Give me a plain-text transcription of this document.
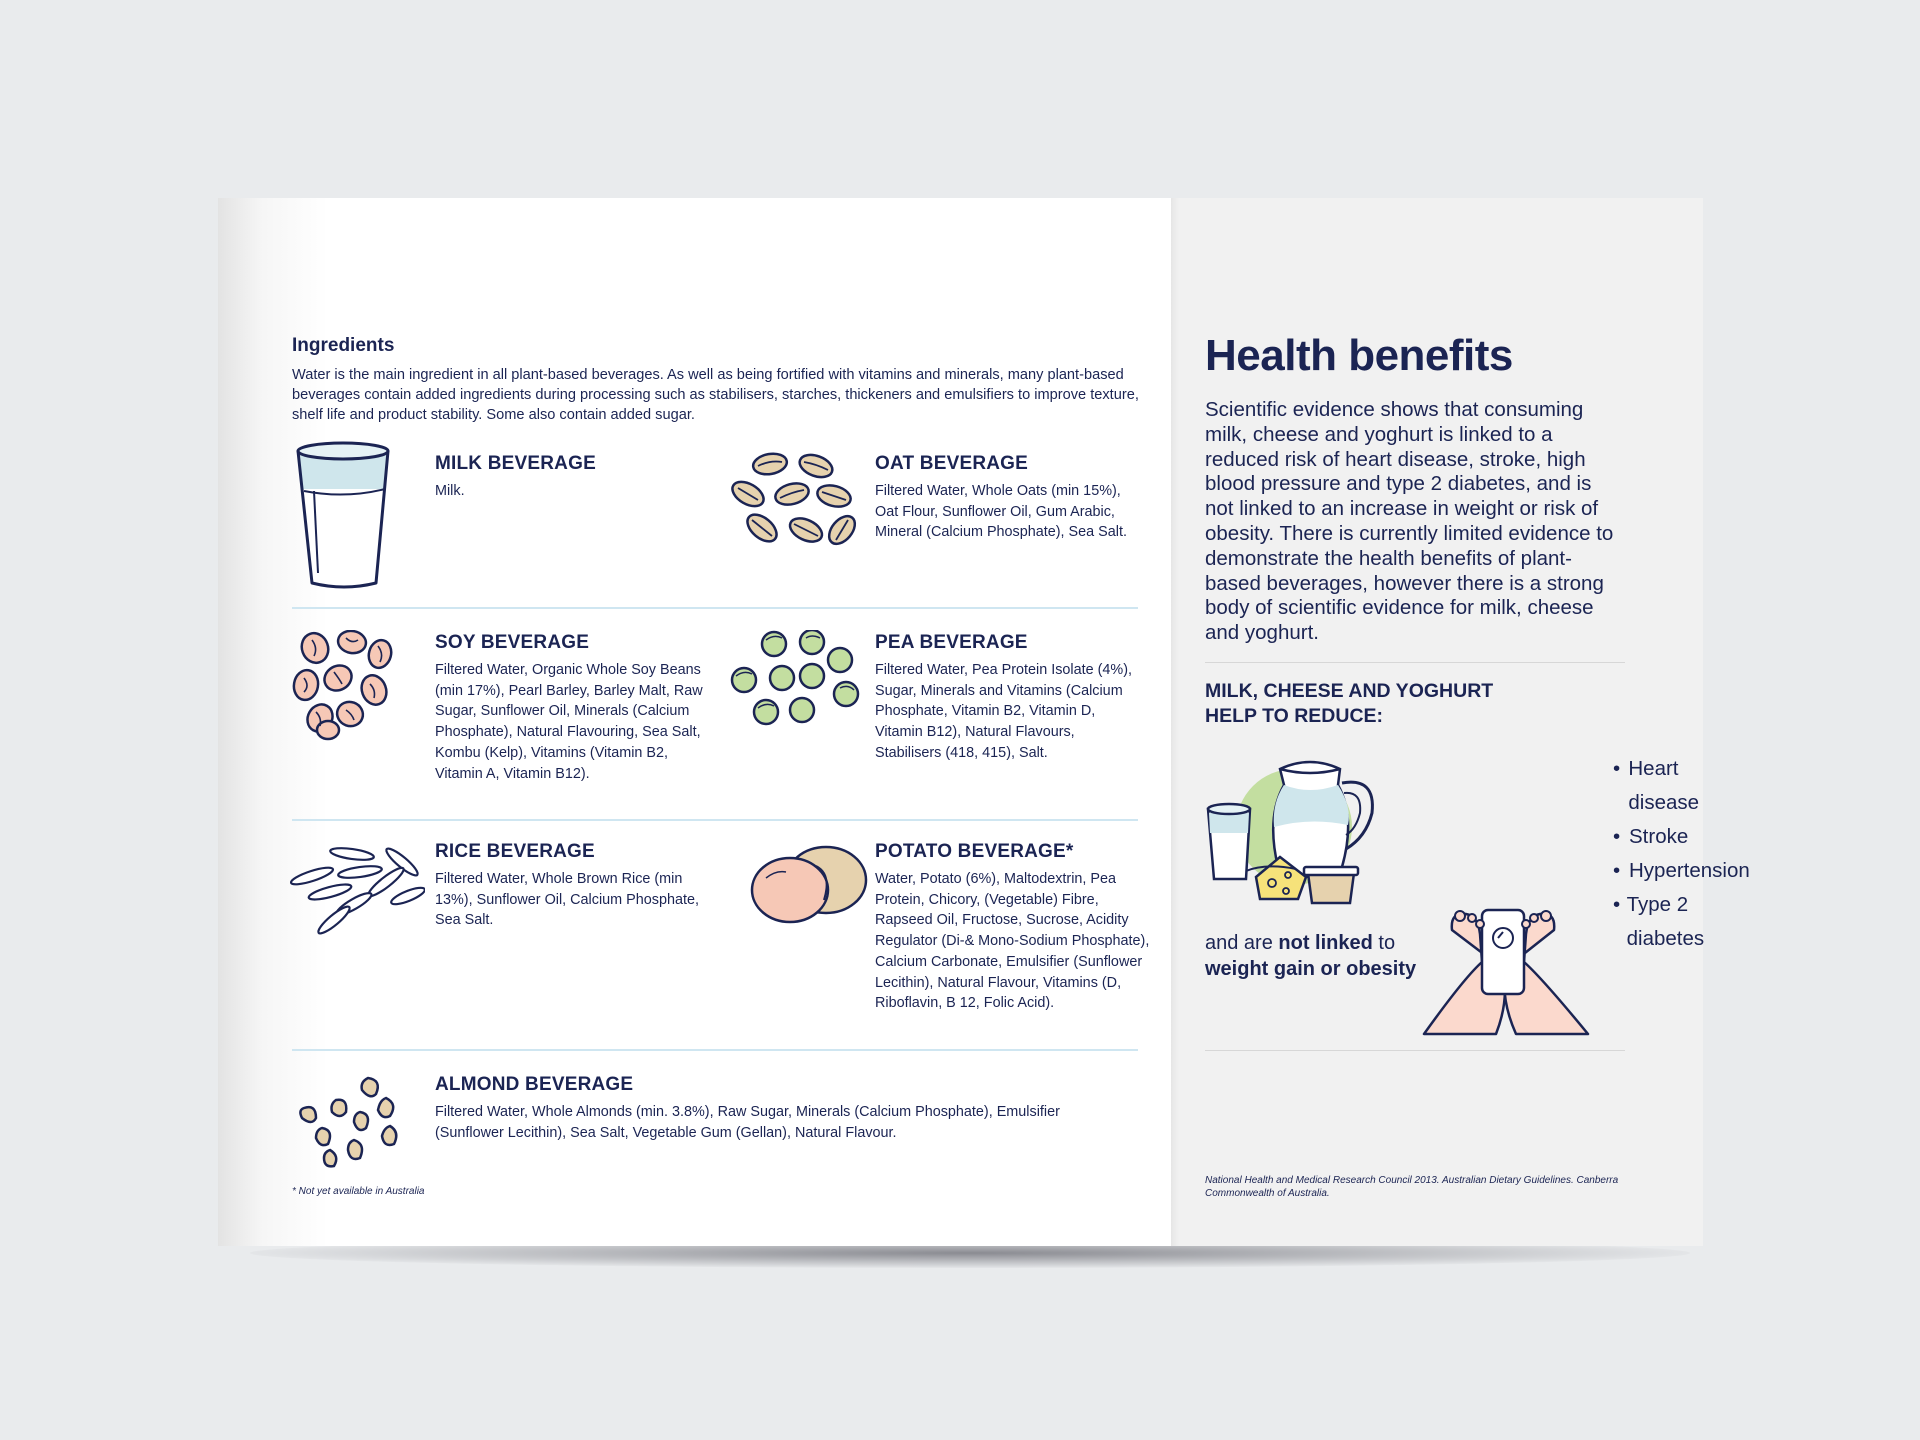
Ingredients
Water is the main ingredient in all plant-based beverages. As well as being fortified with vitamins and minerals, many plant-based beverages contain added ingredients during processing such as stabilisers, starches, thickeners and emulsifiers to improve texture, shelf life and product stability. Some also contain added sugar.
MILK BEVERAGE
Milk.
OAT BEVERAGE
Filtered Water, Whole Oats (min 15%), Oat Flour, Sunflower Oil, Gum Arabic, Mineral (Calcium Phosphate), Sea Salt.
SOY BEVERAGE
Filtered Water, Organic Whole Soy Beans (min 17%), Pearl Barley, Barley Malt, Raw Sugar, Sunflower Oil, Minerals (Calcium Phosphate), Natural Flavouring, Sea Salt, Kombu (Kelp), Vitamins (Vitamin B2, Vitamin A, Vitamin B12).
PEA BEVERAGE
Filtered Water, Pea Protein Isolate (4%), Sugar, Minerals and Vitamins (Calcium Phosphate, Vitamin B2, Vitamin D, Vitamin B12), Natural Flavours, Stabilisers (418, 415), Salt.
RICE BEVERAGE
Filtered Water, Whole Brown Rice (min 13%), Sunflower Oil, Calcium Phosphate, Sea Salt.
POTATO BEVERAGE*
Water, Potato (6%), Maltodextrin, Pea Protein, Chicory, (Vegetable) Fibre, Rapseed Oil, Fructose, Sucrose, Acidity Regulator (Di-& Mono-Sodium Phosphate), Calcium Carbonate, Emulsifier (Sunflower Lecithin), Natural Flavour, Vitamins (D, Riboflavin, B 12, Folic Acid).
ALMOND BEVERAGE
Filtered Water, Whole Almonds (min. 3.8%), Raw Sugar, Minerals (Calcium Phosphate), Emulsifier (Sunflower Lecithin), Sea Salt, Vegetable Gum (Gellan), Natural Flavour.
* Not yet available in Australia
Health benefits
Scientific evidence shows that consuming milk, cheese and yoghurt is linked to a reduced risk of heart disease, stroke, high blood pressure and type 2 diabetes, and is not linked to an increase in weight or risk of obesity. There is currently limited evidence to demonstrate the health benefits of plant-based beverages, however there is a strong body of scientific evidence for milk, cheese and yoghurt.
MILK, CHEESE AND YOGHURT HELP TO REDUCE:
• Heart disease
• Stroke
• Hypertension
• Type 2 diabetes
and are not linked to
weight gain or obesity
National Health and Medical Research Council 2013. Australian Dietary Guidelines. Canberra Commonwealth of Australia.
